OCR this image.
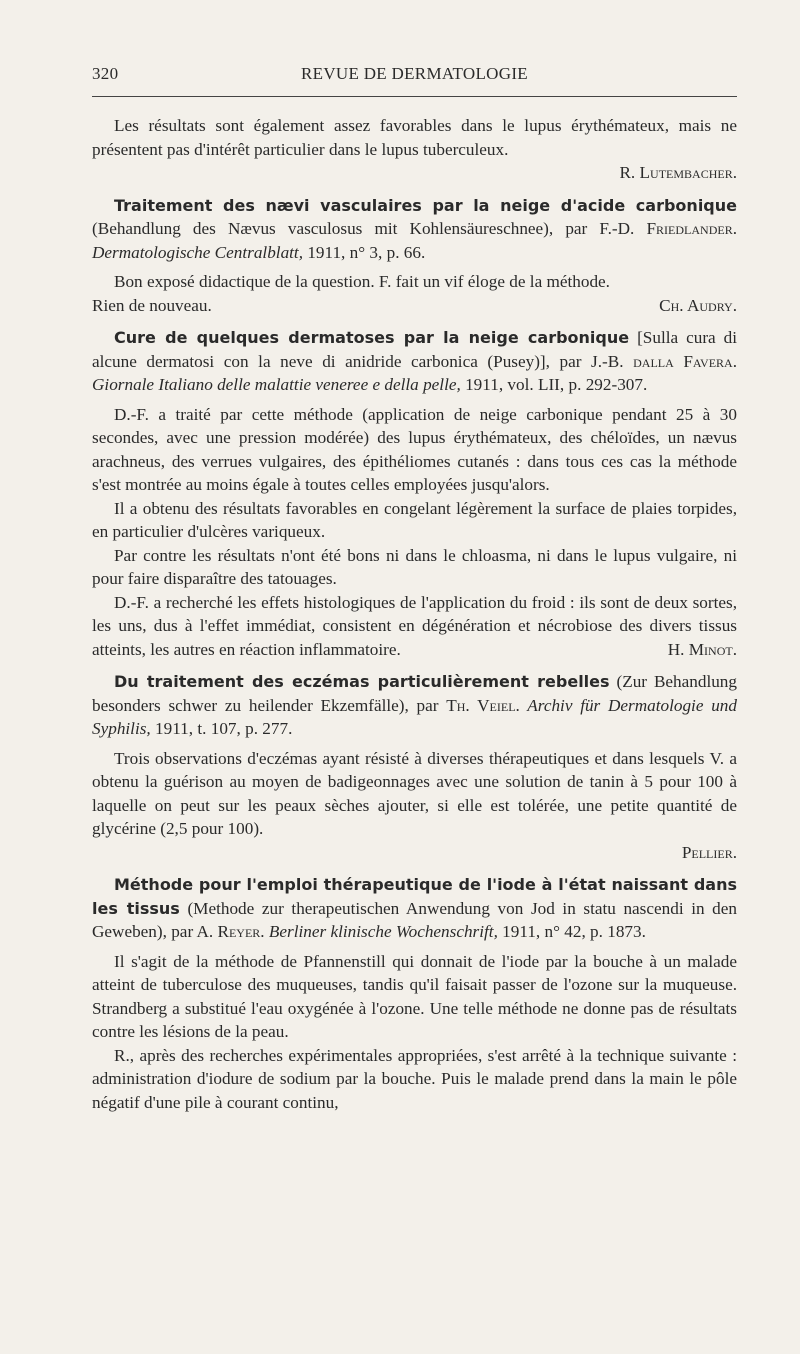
320	REVUE DE DERMATOLOGIE

Les résultats sont également assez favorables dans le lupus érythémateux, mais ne présentent pas d'intérêt particulier dans le lupus tuberculeux.

R. Lutembacher.

Traitement des nævi vasculaires par la neige d'acide carbonique (Behandlung des Nævus vasculosus mit Kohlensäureschnee), par F.-D. Friedlander. Dermatologische Centralblatt, 1911, n° 3, p. 66.

Bon exposé didactique de la question. F. fait un vif éloge de la méthode.

Rien de nouveau.	Ch. Audry.

Cure de quelques dermatoses par la neige carbonique [Sulla cura di alcune dermatosi con la neve di anidride carbonica (Pusey)], par J.-B. dalla Favera. Giornale Italiano delle malattie veneree e della pelle, 1911, vol. LII, p. 292-307.

D.-F. a traité par cette méthode (application de neige carbonique pendant 25 à 30 secondes, avec une pression modérée) des lupus érythémateux, des chéloïdes, un nævus arachneus, des verrues vulgaires, des épithéliomes cutanés : dans tous ces cas la méthode s'est montrée au moins égale à toutes celles employées jusqu'alors.

Il a obtenu des résultats favorables en congelant légèrement la surface de plaies torpides, en particulier d'ulcères variqueux.

Par contre les résultats n'ont été bons ni dans le chloasma, ni dans le lupus vulgaire, ni pour faire disparaître des tatouages.

D.-F. a recherché les effets histologiques de l'application du froid : ils sont de deux sortes, les uns, dus à l'effet immédiat, consistent en dégénération et nécrobiose des divers tissus atteints, les autres en réaction inflammatoire.	H. Minot.

Du traitement des eczémas particulièrement rebelles (Zur Behandlung besonders schwer zu heilender Ekzemfälle), par Th. Veiel. Archiv für Dermatologie und Syphilis, 1911, t. 107, p. 277.

Trois observations d'eczémas ayant résisté à diverses thérapeutiques et dans lesquels V. a obtenu la guérison au moyen de badigeonnages avec une solution de tanin à 5 pour 100 à laquelle on peut sur les peaux sèches ajouter, si elle est tolérée, une petite quantité de glycérine (2,5 pour 100).

Pellier.

Méthode pour l'emploi thérapeutique de l'iode à l'état naissant dans les tissus (Methode zur therapeutischen Anwendung von Jod in statu nascendi in den Geweben), par A. Reyer. Berliner klinische Wochenschrift, 1911, n° 42, p. 1873.

Il s'agit de la méthode de Pfannenstill qui donnait de l'iode par la bouche à un malade atteint de tuberculose des muqueuses, tandis qu'il faisait passer de l'ozone sur la muqueuse. Strandberg a substitué l'eau oxygénée à l'ozone. Une telle méthode ne donne pas de résultats contre les lésions de la peau.

R., après des recherches expérimentales appropriées, s'est arrêté à la technique suivante : administration d'iodure de sodium par la bouche. Puis le malade prend dans la main le pôle négatif d'une pile à courant continu,
